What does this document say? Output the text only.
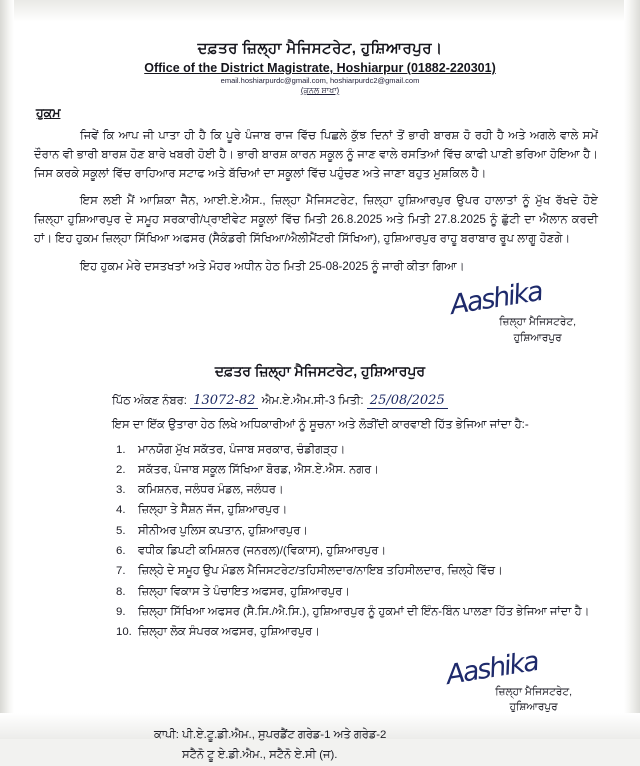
ਦਫ਼ਤਰ ਜ਼ਿਲ੍ਹਾ ਮੈਜਿਸਟਰੇਟ, ਹੁਸ਼ਿਆਰਪੁਰ।
Office of the District Magistrate, Hoshiarpur (01882-220301)
email.hoshiarpurdc@gmail.com, hoshiarpurdc2@gmail.com
(ਕੁਨਲ ਸ਼ਾਖਾ)
ਹੁਕਮ

ਜਿਵੇਂ ਕਿ ਆਪ ਜੀ ਪਾਤਾ ਹੀ ਹੈ ਕਿ ਪੂਰੇ ਪੰਜਾਬ ਰਾਜ ਵਿੱਚ ਪਿਛਲੇ ਕੁੱਝ ਦਿਨਾਂ ਤੋਂ ਭਾਰੀ ਬਾਰਸ਼ ਹੋ ਰਹੀ ਹੈ ਅਤੇ ਅਗਲੇ ਵਾਲੇ ਸਮੇਂ ਦੌਰਾਨ ਵੀ ਭਾਰੀ ਬਾਰਸ਼ ਹੋਣ ਬਾਰੇ ਖਬਰੀ ਹੋਈ ਹੈ। ਭਾਰੀ ਬਾਰਸ਼ ਕਾਰਨ ਸਕੂਲ ਨੂੰ ਜਾਣ ਵਾਲੇ ਰਸਤਿਆਂ ਵਿੱਚ ਕਾਫੀ ਪਾਣੀ ਭਰਿਆ ਹੋਇਆ ਹੈ। ਜਿਸ ਕਰਕੇ ਸਕੂਲਾਂ ਵਿੱਚ ਰਾਹਿਆਰ ਸਟਾਫ ਅਤੇ ਬੱਚਿਆਂ ਦਾ ਸਕੂਲਾਂ ਵਿੱਚ ਪਹੁੰਚਣ ਅਤੇ ਜਾਣਾ ਬਹੁਤ ਮੁਸ਼ਕਿਲ ਹੈ।

ਇਸ ਲਈ ਮੈਂ ਆਸ਼ਿਕਾ ਜੈਨ, ਆਈ.ਏ.ਐਸ., ਜ਼ਿਲ੍ਹਾ ਮੈਜਿਸਟਰੇਟ, ਜ਼ਿਲ੍ਹਾ ਹੁਸ਼ਿਆਰਪੁਰ ਉਪਰ ਹਾਲਾਤਾਂ ਨੂੰ ਮੁੱਖ ਰੱਖਦੇ ਹੋਏ ਜ਼ਿਲ੍ਹਾ ਹੁਸ਼ਿਆਰਪੁਰ ਦੇ ਸਮੂਹ ਸਰਕਾਰੀ/ਪ੍ਰਾਈਵੇਟ ਸਕੂਲਾਂ ਵਿੱਚ ਮਿਤੀ 26.8.2025 ਅਤੇ ਮਿਤੀ 27.8.2025 ਨੂੰ ਛੁੱਟੀ ਦਾ ਐਲਾਨ ਕਰਦੀ ਹਾਂ। ਇਹ ਹੁਕਮ ਜ਼ਿਲ੍ਹਾ ਸਿੱਖਿਆ ਅਫਸਰ (ਸੈਕੰਡਰੀ ਸਿੱਖਿਆ/ਐਲੀਮੈਂਟਰੀ ਸਿੱਖਿਆ), ਹੁਸ਼ਿਆਰਪੁਰ ਰਾਹੂ ਬਰਾਬਾਰ ਰੂਪ ਲਾਗੂ ਹੋਣਗੇ।

ਇਹ ਹੁਕਮ ਮੇਰੇ ਦਸਤਖਤਾਂ ਅਤੇ ਮੋਹਰ ਅਧੀਨ ਹੇਠ ਮਿਤੀ 25-08-2025 ਨੂੰ ਜਾਰੀ ਕੀਤਾ ਗਿਆ।

Aashika
ਜ਼ਿਲ੍ਹਾ ਮੈਜਿਸਟਰੇਟ,
ਹੁਸ਼ਿਆਰਪੁਰ
ਦਫ਼ਤਰ ਜ਼ਿਲ੍ਹਾ ਮੈਜਿਸਟਰੇਟ, ਹੁਸ਼ਿਆਰਪੁਰ
ਪਿੱਠ ਅੰਕਣ ਨੰਬਰ: 13072-82 ਐਮ.ਏ.ਐਮ.ਸੀ-3 ਮਿਤੀ: 25/08/2025
ਇਸ ਦਾ ਇੱਕ ਉਤਾਰਾ ਹੇਠ ਲਿਖੇ ਅਧਿਕਾਰੀਆਂ ਨੂੰ ਸੂਚਨਾ ਅਤੇ ਲੋੜੀਂਦੀ ਕਾਰਵਾਈ ਹਿੱਤ ਭੇਜਿਆ ਜਾਂਦਾ ਹੈ:-
1. ਮਾਨਯੋਗ ਮੁੱਖ ਸਕੱਤਰ, ਪੰਜਾਬ ਸਰਕਾਰ, ਚੰਡੀਗੜ੍ਹ।
2. ਸਕੱਤਰ, ਪੰਜਾਬ ਸਕੂਲ ਸਿੱਖਿਆ ਬੋਰਡ, ਐਸ.ਏ.ਐਸ. ਨਗਰ।
3. ਕਮਿਸ਼ਨਰ, ਜਲੰਧਰ ਮੰਡਲ, ਜਲੰਧਰ।
4. ਜ਼ਿਲ੍ਹਾ ਤੇ ਸੈਸ਼ਨ ਜੱਜ, ਹੁਸ਼ਿਆਰਪੁਰ।
5. ਸੀਨੀਅਰ ਪੁਲਿਸ ਕਪਤਾਨ, ਹੁਸ਼ਿਆਰਪੁਰ।
6. ਵਧੀਕ ਡਿਪਟੀ ਕਮਿਸ਼ਨਰ (ਜਨਰਲ)/(ਵਿਕਾਸ), ਹੁਸ਼ਿਆਰਪੁਰ।
7. ਜ਼ਿਲ੍ਹੇ ਦੇ ਸਮੂਹ ਉਪ ਮੰਡਲ ਮੈਜਿਸਟਰੇਟ/ਤਹਿਸੀਲਦਾਰ/ਨਾਇਬ ਤਹਿਸੀਲਦਾਰ, ਜ਼ਿਲ੍ਹੇ ਵਿੱਚ।
8. ਜ਼ਿਲ੍ਹਾ ਵਿਕਾਸ ਤੇ ਪੰਚਾਇਤ ਅਫਸਰ, ਹੁਸ਼ਿਆਰਪੁਰ।
9. ਜ਼ਿਲ੍ਹਾ ਸਿੱਖਿਆ ਅਫਸਰ (ਸੈ.ਸਿ./ਐ.ਸਿ.), ਹੁਸ਼ਿਆਰਪੁਰ ਨੂੰ ਹੁਕਮਾਂ ਦੀ ਇੰਨ-ਬਿੰਨ ਪਾਲਣਾ ਹਿੱਤ ਭੇਜਿਆ ਜਾਂਦਾ ਹੈ।
10. ਜ਼ਿਲ੍ਹਾ ਲੋਕ ਸੰਪਰਕ ਅਫਸਰ, ਹੁਸ਼ਿਆਰਪੁਰ।
Aashika
ਜ਼ਿਲ੍ਹਾ ਮੈਜਿਸਟਰੇਟ,
ਹੁਸ਼ਿਆਰਪੁਰ
ਕਾਪੀ: ਪੀ.ਏ.ਟੂ.ਡੀ.ਐਮ., ਸੁਪਰਡੈਂਟ ਗਰੇਡ-1 ਅਤੇ ਗਰੇਡ-2
ਸਟੈਨੋ ਟੂ ਏ.ਡੀ.ਐਮ., ਸਟੈਨੋ ਏ.ਸੀ (ਜ).
